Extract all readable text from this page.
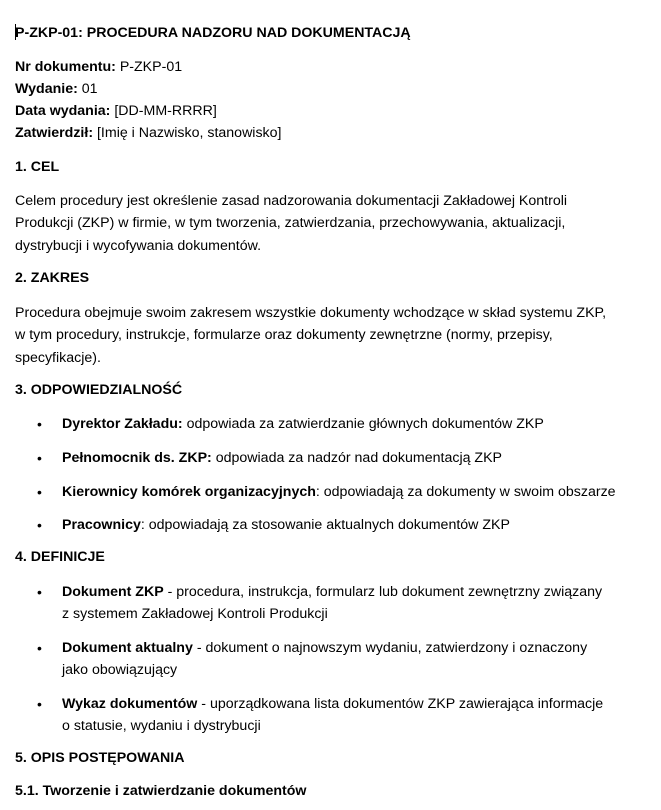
P-ZKP-01: PROCEDURA NADZORU NAD DOKUMENTACJĄ
Nr dokumentu: P-ZKP-01
Wydanie: 01
Data wydania: [DD-MM-RRRR]
Zatwierdził: [Imię i Nazwisko, stanowisko]
1. CEL
Celem procedury jest określenie zasad nadzorowania dokumentacji Zakładowej Kontroli
Produkcji (ZKP) w firmie, w tym tworzenia, zatwierdzania, przechowywania, aktualizacji,
dystrybucji i wycofywania dokumentów.
2. ZAKRES
Procedura obejmuje swoim zakresem wszystkie dokumenty wchodzące w skład systemu ZKP,
w tym procedury, instrukcje, formularze oraz dokumenty zewnętrzne (normy, przepisy,
specyfikacje).
3. ODPOWIEDZIALNOŚĆ
• Dyrektor Zakładu: odpowiada za zatwierdzanie głównych dokumentów ZKP
• Pełnomocnik ds. ZKP: odpowiada za nadzór nad dokumentacją ZKP
• Kierownicy komórek organizacyjnych: odpowiadają za dokumenty w swoim obszarze
• Pracownicy: odpowiadają za stosowanie aktualnych dokumentów ZKP
4. DEFINICJE
• Dokument ZKP - procedura, instrukcja, formularz lub dokument zewnętrzny związany
z systemem Zakładowej Kontroli Produkcji
• Dokument aktualny - dokument o najnowszym wydaniu, zatwierdzony i oznaczony
jako obowiązujący
• Wykaz dokumentów - uporządkowana lista dokumentów ZKP zawierająca informacje
o statusie, wydaniu i dystrybucji
5. OPIS POSTĘPOWANIA
5.1. Tworzenie i zatwierdzanie dokumentów
